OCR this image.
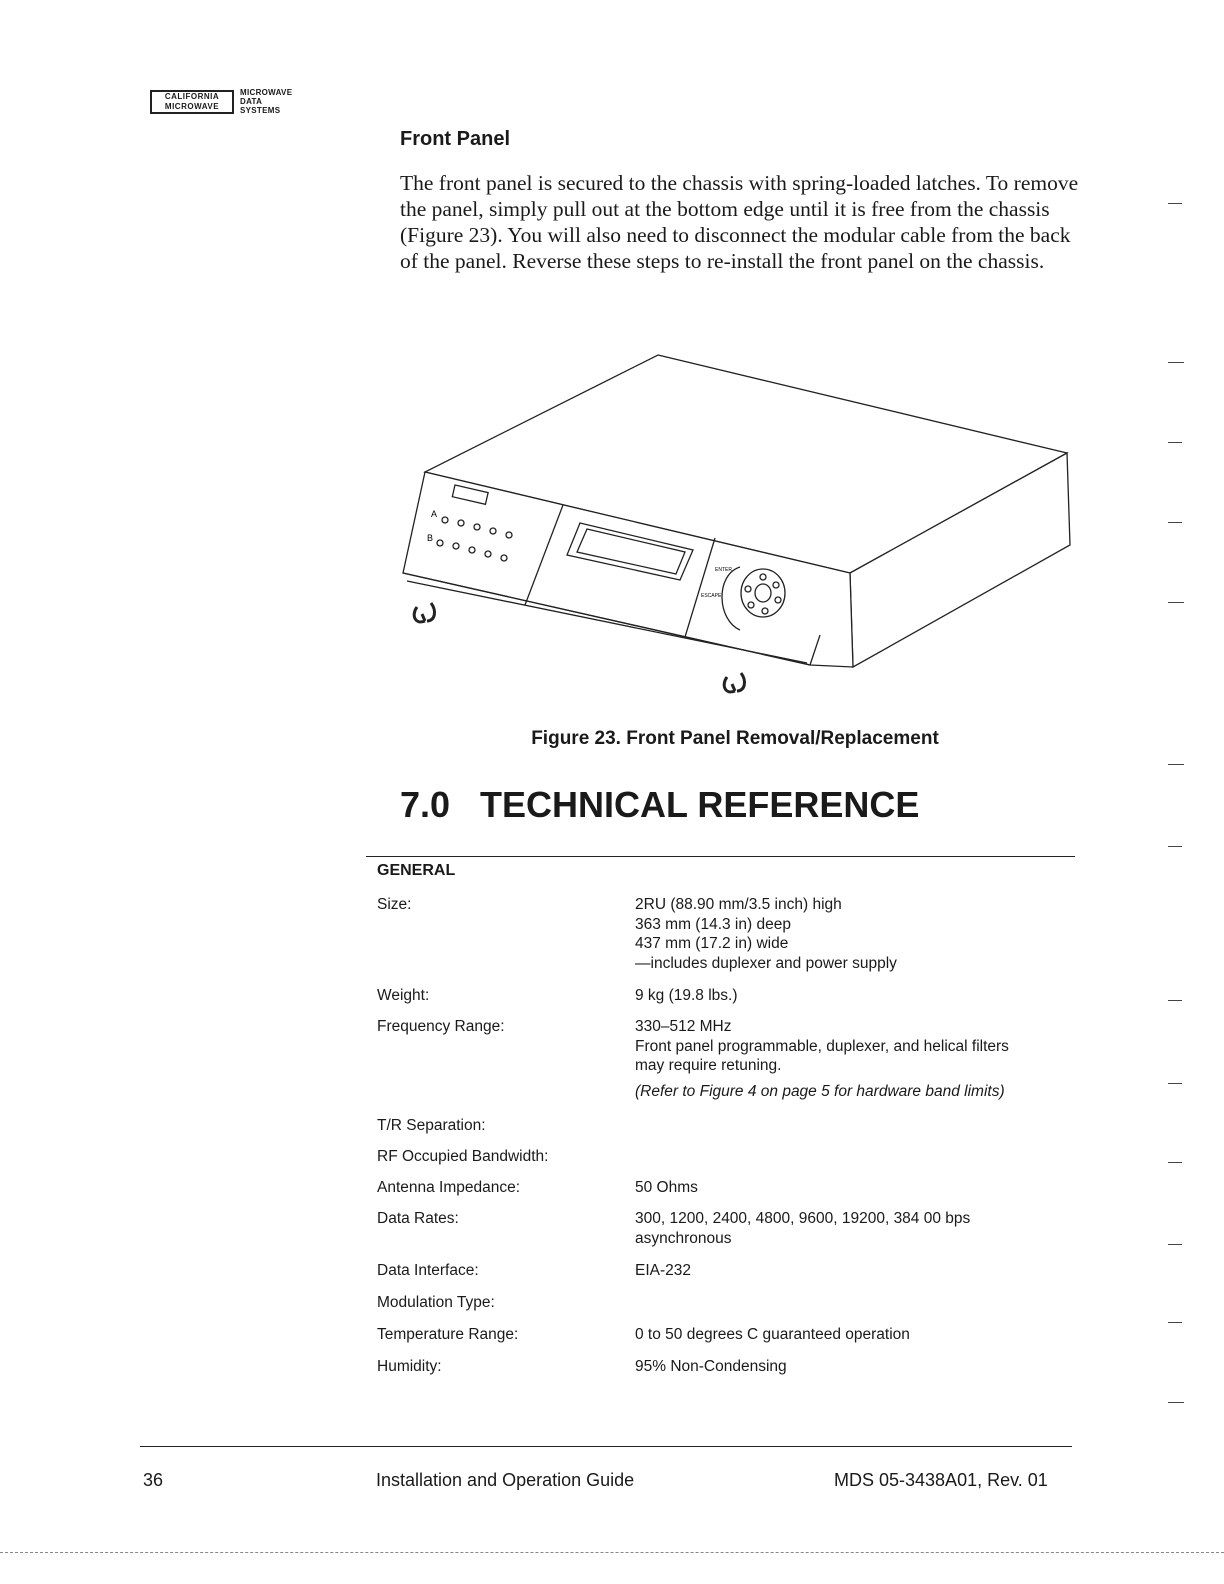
CALIFORNIA
MICROWAVE
MICROWAVE
DATA
SYSTEMS
Front Panel

The front panel is secured to the chassis with spring-loaded latches. To remove the panel, simply pull out at the bottom edge until it is free from the chassis (Figure 23). You will also need to disconnect the modular cable from the back of the panel. Reverse these steps to re-install the front panel on the chassis.

A
B
ENTER
ESCAPE

Figure 23. Front Panel Removal/Replacement

7.0   TECHNICAL REFERENCE

GENERAL

Size:	2RU (88.90 mm/3.5 inch) high
363 mm (14.3 in) deep
437 mm (17.2 in) wide
—includes duplexer and power supply
Weight:	9 kg (19.8 lbs.)
Frequency Range:	330–512 MHz
Front panel programmable, duplexer, and helical filters
may require retuning.
(Refer to Figure 4 on page 5 for hardware band limits)
T/R Separation:
RF Occupied Bandwidth:
Antenna Impedance:	50 Ohms
Data Rates:	300, 1200, 2400, 4800, 9600, 19200, 384 00 bps
asynchronous
Data Interface:	EIA-232
Modulation Type:
Temperature Range:	0 to 50 degrees C guaranteed operation
Humidity:	95% Non-Condensing
36	Installation and Operation Guide	MDS 05-3438A01, Rev. 01
